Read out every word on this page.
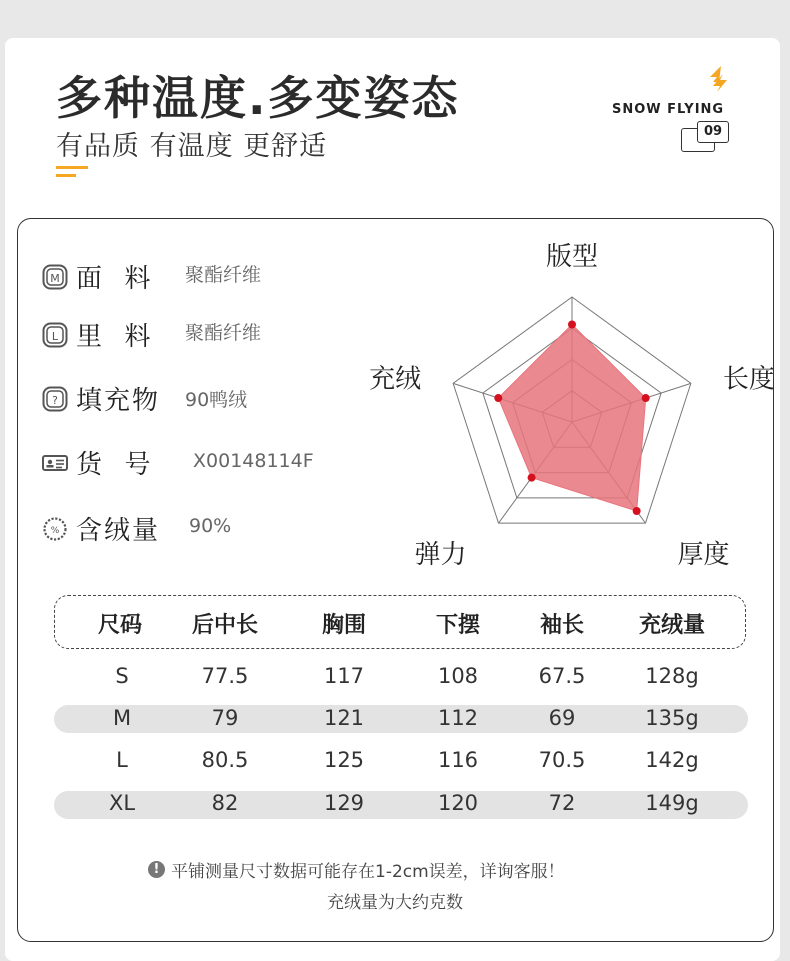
多种温度.多变姿态
有品质 有温度 更舒适
SNOW FLYING
09
M 面  料 聚酯纤维
L 里  料 聚酯纤维
? 填充物 90鸭绒
货  号 X00148114F
% 含绒量 90%
版型
长度
厚度
弹力
充绒
尺码 后中长	胸围	下摆	袖长 充绒量
S	77.5	117	108	67.5	128g
M	79	121	112	69	135g
L	80.5	125	116	70.5	142g
XL	82	129	120	72	149g
! 平铺测量尺寸数据可能存在1-2cm误差，详询客服！
充绒量为大约克数
